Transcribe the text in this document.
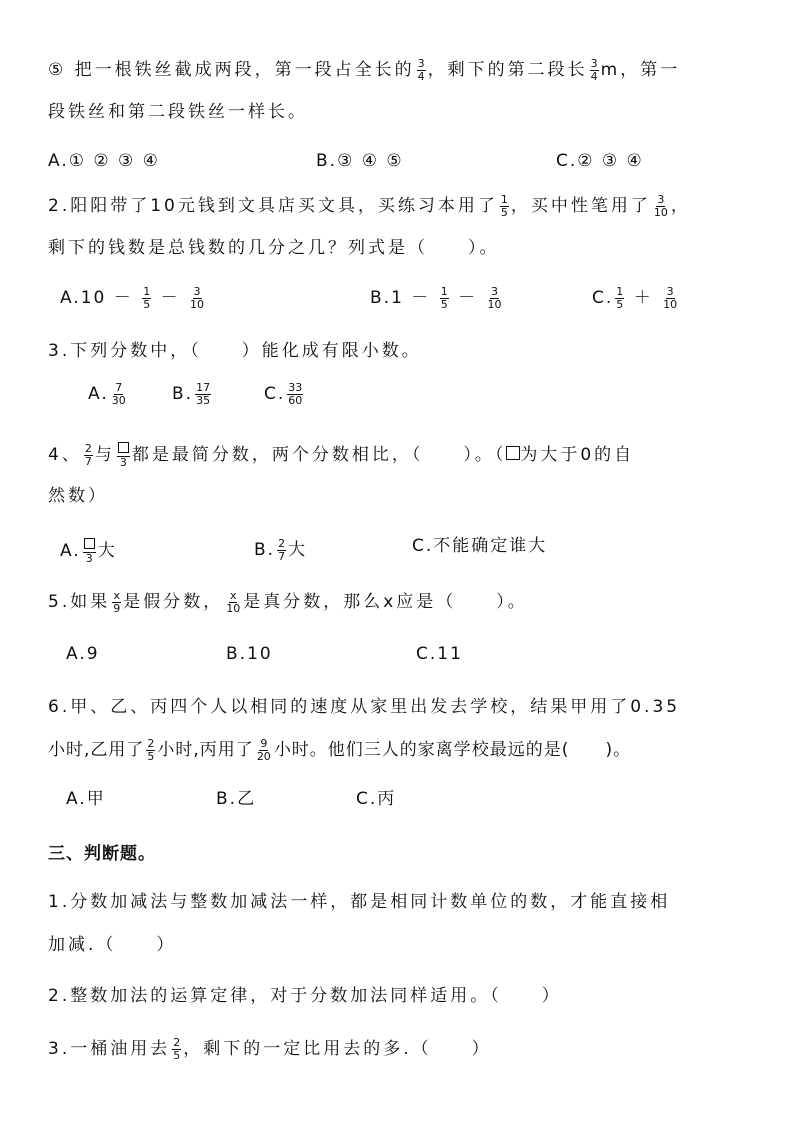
⑤ 把一根铁丝截成两段，第一段占全长的 $\frac{3}{4}$ ，剩下的第二段长 $\frac{3}{4}$ m，第一
段铁丝和第二段铁丝一样长。
A.① ② ③ ④	B.③ ④ ⑤	C.② ③ ④
2.阳阳带了10元钱到文具店买文具，买练习本用了 $\frac{1}{5}$ ，买中性笔用了 $\frac{3}{10}$ ，
剩下的钱数是总钱数的几分之几？列式是（　　）。
$A.10 - \frac{1}{5} - \frac{3}{10}$	$B.1 - \frac{1}{5} - \frac{3}{10}$	C. $\frac{1}{5} + \frac{3}{10}$
3.下列分数中，（　　）能化成有限小数。
A. $\frac{7}{30}$	B. $\frac{17}{35}$	C. $\frac{33}{60}$
4、 $\frac{2}{7}$ 与 3 都是最简分数，两个分数相比，（　　）。（ 为大于0的自
然数）
A. 3 大	B. $\frac{2}{7}$ 大	C.不能确定谁大
5.如果 $\frac{x}{9}$ 是假分数， $\frac{x}{10}$ 是真分数，那么x应是（　　）。
A.9	B.10	C.11
6.甲、乙、丙四个人以相同的速度从家里出发去学校，结果甲用了0.35
小时,乙用了 $\frac{2}{5}$ 小时,丙用了 $\frac{9}{20}$ 小时。他们三人的家离学校最远的是(　　)。
A.甲	B.乙	C.丙
三、判断题。
1.分数加减法与整数加减法一样，都是相同计数单位的数，才能直接相
加减.（　　）
2.整数加法的运算定律，对于分数加法同样适用。（　　）
3.一桶油用去 $\frac{2}{5}$ ，剩下的一定比用去的多.（　　）
